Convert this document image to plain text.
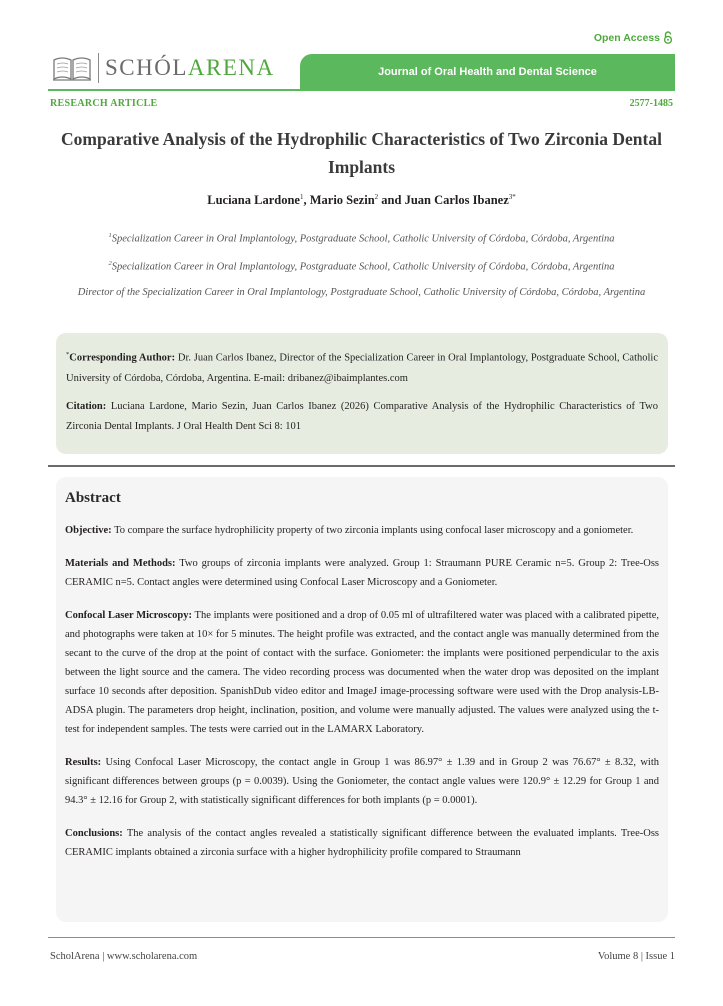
Open Access
SCHÓLARENA	Journal of Oral Health and Dental Science
RESEARCH ARTICLE	2577-1485
Comparative Analysis of the Hydrophilic Characteristics of Two Zirconia Dental Implants
Luciana Lardone$^1$, Mario Sezin$^2$ and Juan Carlos Ibanez$^{3*}$
$^1$Specialization Career in Oral Implantology, Postgraduate School, Catholic University of Córdoba, Córdoba, Argentina
$^2$Specialization Career in Oral Implantology, Postgraduate School, Catholic University of Córdoba, Córdoba, Argentina
Director of the Specialization Career in Oral Implantology, Postgraduate School, Catholic University of Córdoba, Córdoba, Argentina

*Corresponding Author: Dr. Juan Carlos Ibanez, Director of the Specialization Career in Oral Implantology, Postgraduate School, Catholic University of Córdoba, Córdoba, Argentina. E-mail: dribanez@ibaimplantes.com

Citation: Luciana Lardone, Mario Sezin, Juan Carlos Ibanez (2026) Comparative Analysis of the Hydrophilic Characteristics of Two Zirconia Dental Implants. J Oral Health Dent Sci 8: 101

Abstract

Objective: To compare the surface hydrophilicity property of two zirconia implants using confocal laser microscopy and a goniometer.

Materials and Methods: Two groups of zirconia implants were analyzed. Group 1: Straumann PURE Ceramic n=5. Group 2: Tree-Oss CERAMIC n=5. Contact angles were determined using Confocal Laser Microscopy and a Goniometer.

Confocal Laser Microscopy: The implants were positioned and a drop of 0.05 ml of ultrafiltered water was placed with a calibrated pipette, and photographs were taken at 10× for 5 minutes. The height profile was extracted, and the contact angle was manually determined from the secant to the curve of the drop at the point of contact with the surface. Goniometer: the implants were positioned perpendicular to the axis between the light source and the camera. The video recording process was documented when the water drop was deposited on the implant surface 10 seconds after deposition. SpanishDub video editor and ImageJ image-processing software were used with the Drop analysis-LB-ADSA plugin. The parameters drop height, inclination, position, and volume were manually adjusted. The values were analyzed using the t-test for independent samples. The tests were carried out in the LAMARX Laboratory.

Results: Using Confocal Laser Microscopy, the contact angle in Group 1 was 86.97° ± 1.39 and in Group 2 was 76.67° ± 8.32, with significant differences between groups (p = 0.0039). Using the Goniometer, the contact angle values were 120.9° ± 12.29 for Group 1 and 94.3° ± 12.16 for Group 2, with statistically significant differences for both implants (p = 0.0001).

Conclusions: The analysis of the contact angles revealed a statistically significant difference between the evaluated implants. Tree-Oss CERAMIC implants obtained a zirconia surface with a higher hydrophilicity profile compared to Straumann

ScholArena | www.scholarena.com	Volume 8 | Issue 1
